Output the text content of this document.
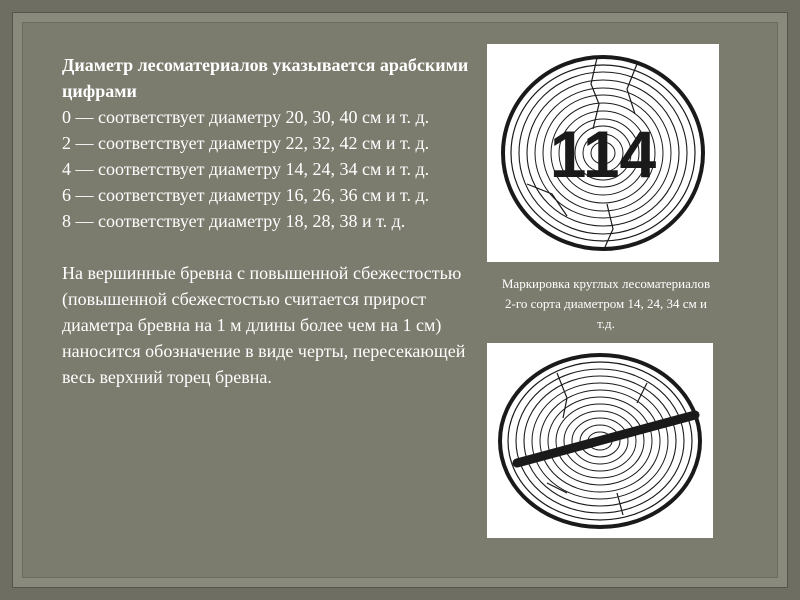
Диаметр лесоматериалов указывается арабскими цифрами

0 — соответствует диаметру 20, 30, 40 см и т. д.

2 — соответствует диаметру 22, 32, 42 см и т. д.

4 — соответствует диаметру 14, 24, 34 см и т. д.

6 — соответствует диаметру 16, 26, 36 см и т. д.

8 — соответствует диаметру 18, 28, 38 и т. д.

На вершинные бревна с повышенной сбежестостью (повышенной сбежестостью считается прирост диаметра бревна на 1 м длины более чем на 1 см) наносится обозначение в виде черты, пересекающей весь верхний торец бревна.

114
Маркировка круглых лесоматериалов 2-го сорта диаметром 14, 24, 34 см и т.д.
